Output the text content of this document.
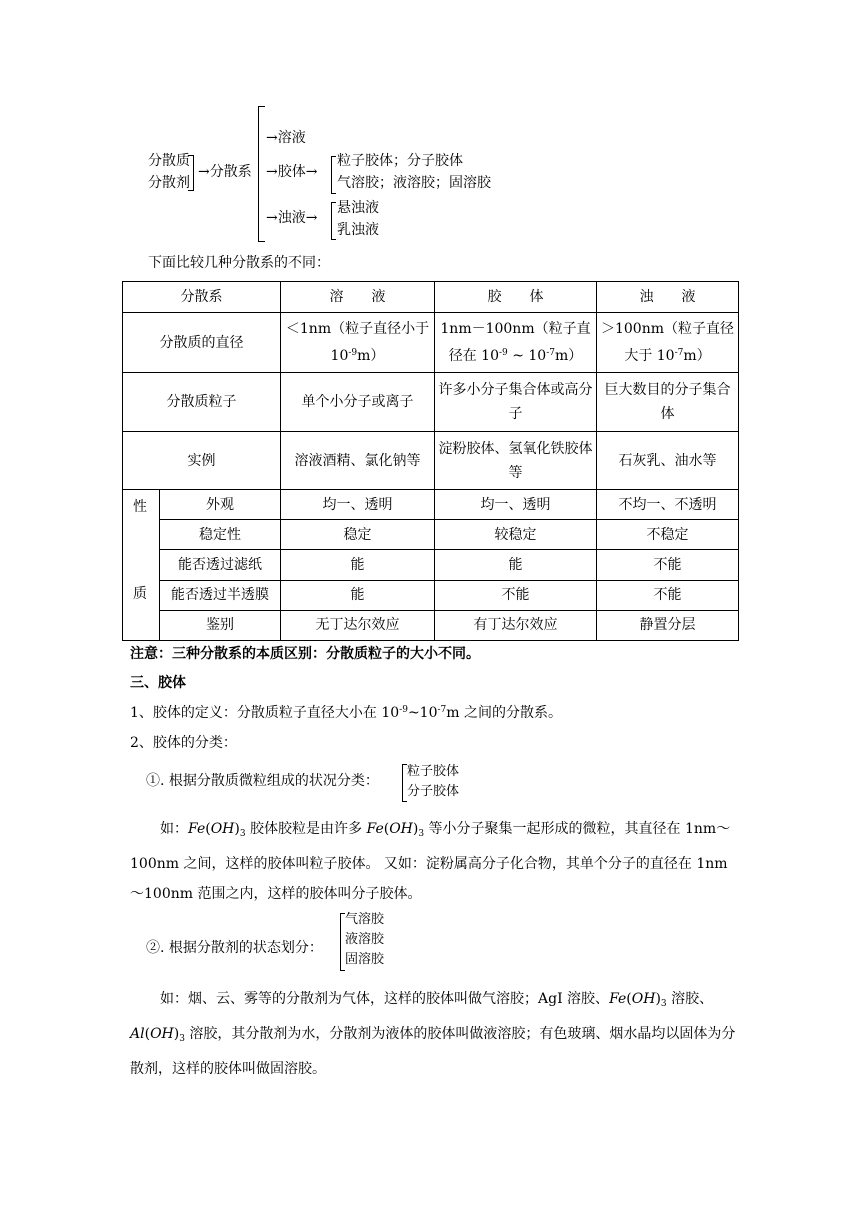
分散质
分散剂
→分散系
→溶液
→胶体→
粒子胶体；分子胶体
气溶胶；液溶胶；固溶胶
→浊液→
悬浊液
乳浊液
下面比较几种分散系的不同：
分散系		溶　　液	胶　　体	浊　　液
分散质的直径		＜1nm（粒子直径小于 $10^{-9}m$）	1nm－100nm（粒子直径在 $10^{-9}$ ~ $10^{-7}m$）	＞100nm（粒子直径大于 $10^{-7}m$）
分散质粒子		单个小分子或离子	许多小分子集合体或高分子	巨大数目的分子集合体
实例		溶液酒精、氯化钠等	淀粉胶体、氢氧化铁胶体等	石灰乳、油水等

性
质	外观	均一、透明	均一、透明	不均一、不透明
	稳定性	稳定	较稳定	不稳定
	能否透过滤纸	能	能	不能
	能否透过半透膜	能	不能	不能
	鉴别	无丁达尔效应	有丁达尔效应	静置分层
注意：三种分散系的本质区别：分散质粒子的大小不同。
三、胶体
1、胶体的定义：分散质粒子直径大小在 $10^{-9}\sim 10^{-7}m$ 之间的分散系。
2、胶体的分类：
①. 根据分散质微粒组成的状况分类：
粒子胶体
分子胶体
如：$Fe(OH)_3$ 胶体胶粒是由许多 $Fe(OH)_3$ 等小分子聚集一起形成的微粒，其直径在 1nm～100nm 之间，这样的胶体叫粒子胶体。 又如：淀粉属高分子化合物，其单个分子的直径在 1nm～100nm 范围之内，这样的胶体叫分子胶体。
②. 根据分散剂的状态划分：
气溶胶
液溶胶
固溶胶
如：烟、云、雾等的分散剂为气体，这样的胶体叫做气溶胶；AgI 溶胶、$Fe(OH)_3$ 溶胶、$Al(OH)_3$ 溶胶，其分散剂为水，分散剂为液体的胶体叫做液溶胶；有色玻璃、烟水晶均以固体为分散剂，这样的胶体叫做固溶胶。
